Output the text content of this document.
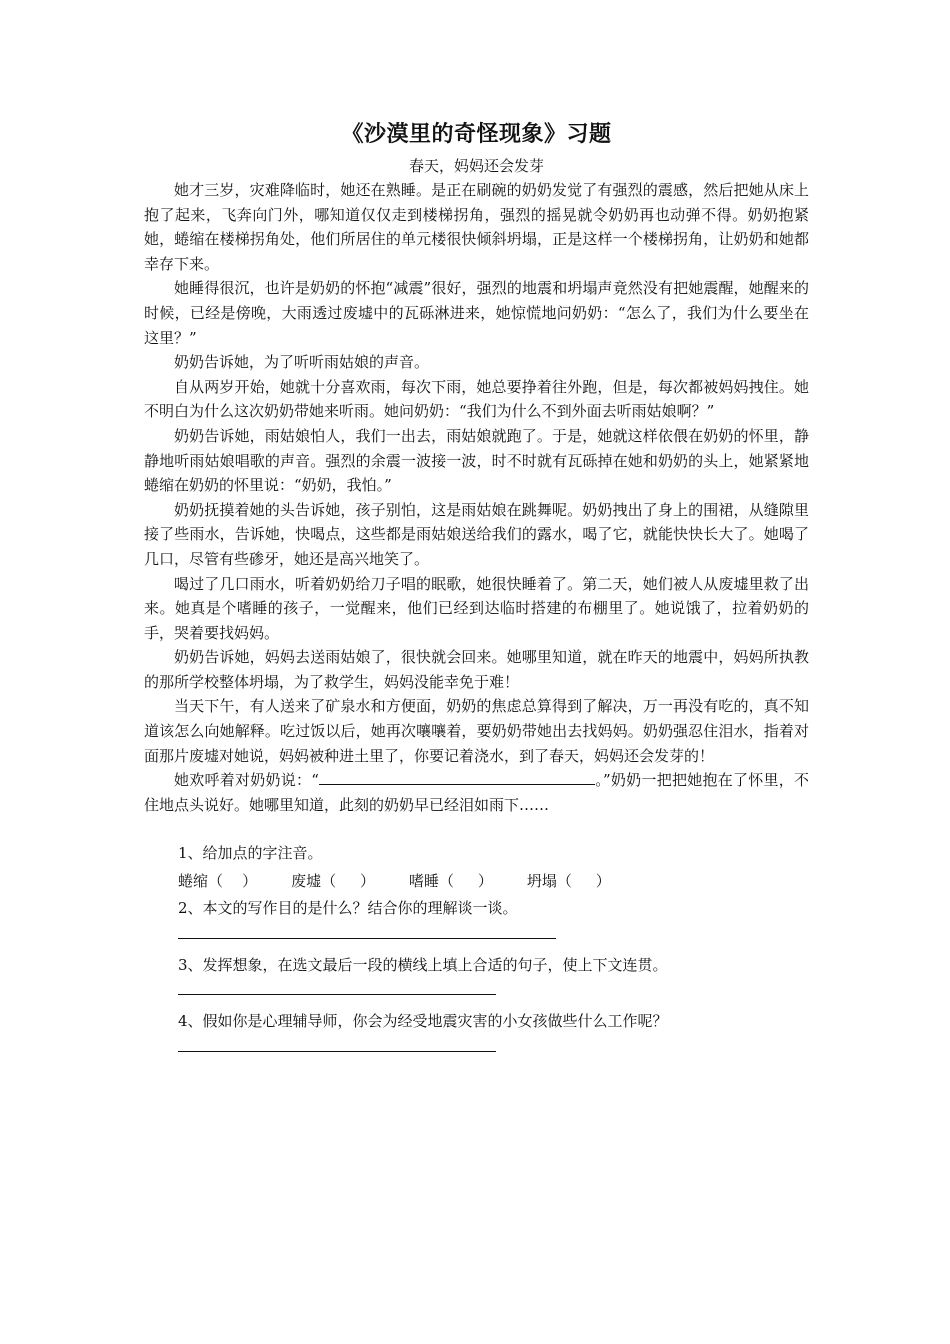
《沙漠里的奇怪现象》习题

春天，妈妈还会发芽

她才三岁，灾难降临时，她还在熟睡。是正在刷碗的奶奶发觉了有强烈的震感，然后把她从床上抱了起来，飞奔向门外，哪知道仅仅走到楼梯拐角，强烈的摇晃就令奶奶再也动弹不得。奶奶抱紧她，蜷缩在楼梯拐角处，他们所居住的单元楼很快倾斜坍塌，正是这样一个楼梯拐角，让奶奶和她都幸存下来。

她睡得很沉，也许是奶奶的怀抱“减震”很好，强烈的地震和坍塌声竟然没有把她震醒，她醒来的时候，已经是傍晚，大雨透过废墟中的瓦砾淋进来，她惊慌地问奶奶：“怎么了，我们为什么要坐在这里？”

奶奶告诉她，为了听听雨姑娘的声音。

自从两岁开始，她就十分喜欢雨，每次下雨，她总要挣着往外跑，但是，每次都被妈妈拽住。她不明白为什么这次奶奶带她来听雨。她问奶奶：“我们为什么不到外面去听雨姑娘啊？”

奶奶告诉她，雨姑娘怕人，我们一出去，雨姑娘就跑了。于是，她就这样依偎在奶奶的怀里，静静地听雨姑娘唱歌的声音。强烈的余震一波接一波，时不时就有瓦砾掉在她和奶奶的头上，她紧紧地蜷缩在奶奶的怀里说：“奶奶，我怕。”

奶奶抚摸着她的头告诉她，孩子别怕，这是雨姑娘在跳舞呢。奶奶拽出了身上的围裙，从缝隙里接了些雨水，告诉她，快喝点，这些都是雨姑娘送给我们的露水，喝了它，就能快快长大了。她喝了几口，尽管有些碜牙，她还是高兴地笑了。

喝过了几口雨水，听着奶奶给刀子唱的眠歌，她很快睡着了。第二天，她们被人从废墟里救了出来。她真是个嗜睡的孩子，一觉醒来，他们已经到达临时搭建的布棚里了。她说饿了，拉着奶奶的手，哭着要找妈妈。

奶奶告诉她，妈妈去送雨姑娘了，很快就会回来。她哪里知道，就在昨天的地震中，妈妈所执教的那所学校整体坍塌，为了救学生，妈妈没能幸免于难！

当天下午，有人送来了矿泉水和方便面，奶奶的焦虑总算得到了解决，万一再没有吃的，真不知道该怎么向她解释。吃过饭以后，她再次嚷嚷着，要奶奶带她出去找妈妈。奶奶强忍住泪水，指着对面那片废墟对她说，妈妈被种进土里了，你要记着浇水，到了春天，妈妈还会发芽的！

她欢呼着对奶奶说：“	。”奶奶一把把她抱在了怀里，不住地点头说好。她哪里知道，此刻的奶奶早已经泪如雨下……

1、给加点的字注音。

蜷缩（ ） 废墟（ ） 嗜睡（ ） 坍塌（ ）

2、本文的写作目的是什么？结合你的理解谈一谈。

3、发挥想象，在选文最后一段的横线上填上合适的句子，使上下文连贯。

4、假如你是心理辅导师，你会为经受地震灾害的小女孩做些什么工作呢？
